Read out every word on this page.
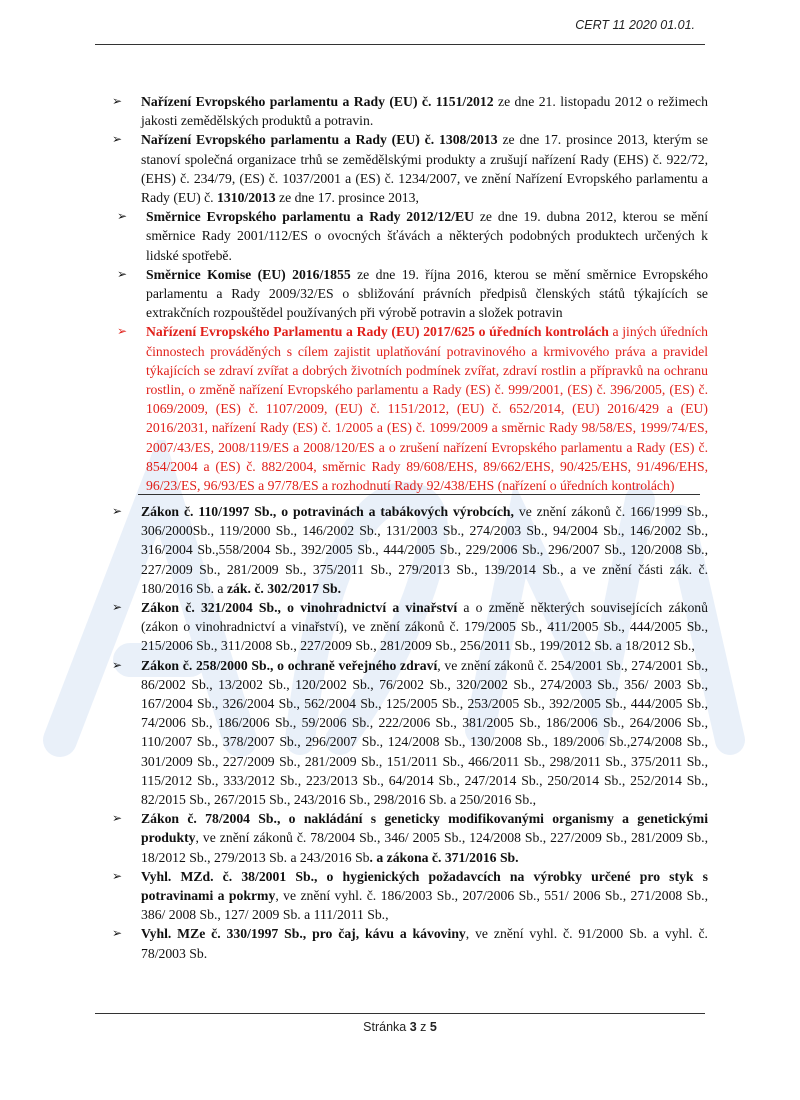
CERT 11 2020 01.01.
➢ Nařízení Evropského parlamentu a Rady (EU) č. 1151/2012 ze dne 21. listopadu 2012 o režimech jakosti zemědělských produktů a potravin.
➢ Nařízení Evropského parlamentu a Rady (EU) č. 1308/2013 ze dne 17. prosince 2013, kterým se stanoví společná organizace trhů se zemědělskými produkty a zrušují nařízení Rady (EHS) č. 922/72, (EHS) č. 234/79, (ES) č. 1037/2001 a (ES) č. 1234/2007, ve znění Nařízení Evropského parlamentu a Rady (EU) č. 1310/2013 ze dne 17. prosince 2013,
➢ Směrnice Evropského parlamentu a Rady 2012/12/EU ze dne 19. dubna 2012, kterou se mění směrnice Rady 2001/112/ES o ovocných šťávách a některých podobných produktech určených k lidské spotřebě.
➢ Směrnice Komise (EU) 2016/1855 ze dne 19. října 2016, kterou se mění směrnice Evropského parlamentu a Rady 2009/32/ES o sbližování právních předpisů členských států týkajících se extrakčních rozpouštědel používaných při výrobě potravin a složek potravin
➢ Nařízení Evropského Parlamentu a Rady (EU) 2017/625 o úředních kontrolách a jiných úředních činnostech prováděných s cílem zajistit uplatňování potravinového a krmivového práva a pravidel týkajících se zdraví zvířat a dobrých životních podmínek zvířat, zdraví rostlin a přípravků na ochranu rostlin, o změně nařízení Evropského parlamentu a Rady (ES) č. 999/2001, (ES) č. 396/2005, (ES) č. 1069/2009, (ES) č. 1107/2009, (EU) č. 1151/2012, (EU) č. 652/2014, (EU) 2016/429 a (EU) 2016/2031, nařízení Rady (ES) č. 1/2005 a (ES) č. 1099/2009 a směrnic Rady 98/58/ES, 1999/74/ES, 2007/43/ES, 2008/119/ES a 2008/120/ES a o zrušení nařízení Evropského parlamentu a Rady (ES) č. 854/2004 a (ES) č. 882/2004, směrnic Rady 89/608/EHS, 89/662/EHS, 90/425/EHS, 91/496/EHS, 96/23/ES, 96/93/ES a 97/78/ES a rozhodnutí Rady 92/438/EHS (nařízení o úředních kontrolách)
➢ Zákon č. 110/1997 Sb., o potravinách a tabákových výrobcích, ve znění zákonů č. 166/1999 Sb., 306/2000Sb., 119/2000 Sb., 146/2002 Sb., 131/2003 Sb., 274/2003 Sb., 94/2004 Sb., 146/2002 Sb., 316/2004 Sb.,558/2004 Sb., 392/2005 Sb., 444/2005 Sb., 229/2006 Sb., 296/2007 Sb., 120/2008 Sb., 227/2009 Sb., 281/2009 Sb., 375/2011 Sb., 279/2013 Sb., 139/2014 Sb., a ve znění části zák. č. 180/2016 Sb. a zák. č. 302/2017 Sb.
➢ Zákon č. 321/2004 Sb., o vinohradnictví a vinařství a o změně některých souvisejících zákonů (zákon o vinohradnictví a vinařství), ve znění zákonů č. 179/2005 Sb., 411/2005 Sb., 444/2005 Sb., 215/2006 Sb., 311/2008 Sb., 227/2009 Sb., 281/2009 Sb., 256/2011 Sb., 199/2012 Sb. a 18/2012 Sb.,
➢ Zákon č. 258/2000 Sb., o ochraně veřejného zdraví, ve znění zákonů č. 254/2001 Sb., 274/2001 Sb., 86/2002 Sb., 13/2002 Sb., 120/2002 Sb., 76/2002 Sb., 320/2002 Sb., 274/2003 Sb., 356/ 2003 Sb., 167/2004 Sb., 326/2004 Sb., 562/2004 Sb., 125/2005 Sb., 253/2005 Sb., 392/2005 Sb., 444/2005 Sb., 74/2006 Sb., 186/2006 Sb., 59/2006 Sb., 222/2006 Sb., 381/2005 Sb., 186/2006 Sb., 264/2006 Sb., 110/2007 Sb., 378/2007 Sb., 296/2007 Sb., 124/2008 Sb., 130/2008 Sb., 189/2006 Sb.,274/2008 Sb., 301/2009 Sb., 227/2009 Sb., 281/2009 Sb., 151/2011 Sb., 466/2011 Sb., 298/2011 Sb., 375/2011 Sb., 115/2012 Sb., 333/2012 Sb., 223/2013 Sb., 64/2014 Sb., 247/2014 Sb., 250/2014 Sb., 252/2014 Sb., 82/2015 Sb., 267/2015 Sb., 243/2016 Sb., 298/2016 Sb. a 250/2016 Sb.,
➢ Zákon č. 78/2004 Sb., o nakládání s geneticky modifikovanými organismy a genetickými produkty, ve znění zákonů č. 78/2004 Sb., 346/ 2005 Sb., 124/2008 Sb., 227/2009 Sb., 281/2009 Sb., 18/2012 Sb., 279/2013 Sb. a 243/2016 Sb. a zákona č. 371/2016 Sb.
➢ Vyhl. MZd. č. 38/2001 Sb., o hygienických požadavcích na výrobky určené pro styk s potravinami a pokrmy, ve znění vyhl. č. 186/2003 Sb., 207/2006 Sb., 551/ 2006 Sb., 271/2008 Sb., 386/ 2008 Sb., 127/ 2009 Sb. a 111/2011 Sb.,
➢ Vyhl. MZe č. 330/1997 Sb., pro čaj, kávu a kávoviny, ve znění vyhl. č. 91/2000 Sb. a vyhl. č. 78/2003 Sb.
Stránka 3 z 5
